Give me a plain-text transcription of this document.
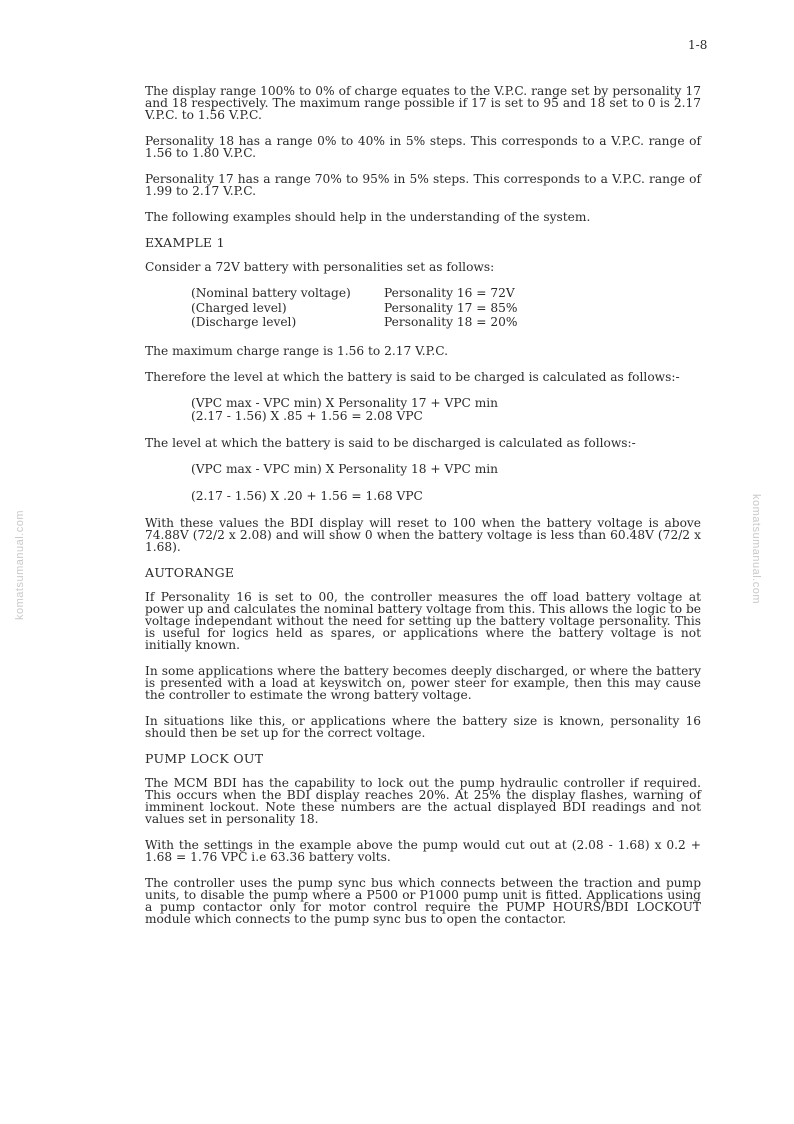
1-8
komatsumanual.com	komatsumanual.com

The display range 100% to 0% of charge equates to the V.P.C. range set by personality 17 and 18 respectively. The maximum range possible if 17 is set to 95 and 18 set to 0 is 2.17 V.P.C. to 1.56 V.P.C.

Personality 18 has a range 0% to 40% in 5% steps. This corresponds to a V.P.C. range of 1.56 to 1.80 V.P.C.

Personality 17 has a range 70% to 95% in 5% steps. This corresponds to a V.P.C. range of 1.99 to 2.17 V.P.C.

The following examples should help in the understanding of the system.

EXAMPLE 1

Consider a 72V battery with personalities set as follows:

(Nominal battery voltage)	Personality 16 = 72V
(Charged level)	Personality 17 = 85%
(Discharge level)	Personality 18 = 20%

The maximum charge range is 1.56 to 2.17 V.P.C.

Therefore the level at which the battery is said to be charged is calculated as follows:-

(VPC max - VPC min) X Personality 17 + VPC min
(2.17 - 1.56) X .85 + 1.56 = 2.08 VPC

The level at which the battery is said to be discharged is calculated as follows:-

(VPC max - VPC min) X Personality 18 + VPC min
(2.17 - 1.56) X .20 + 1.56 = 1.68 VPC

With these values the BDI display will reset to 100 when the battery voltage is above 74.88V (72/2 x 2.08) and will show 0 when the battery voltage is less than 60.48V (72/2 x 1.68).

AUTORANGE

If Personality 16 is set to 00, the controller measures the off load battery voltage at power up and calculates the nominal battery voltage from this. This allows the logic to be voltage independant without the need for setting up the battery voltage personality. This is useful for logics held as spares, or applications where the battery voltage is not initially known.

In some applications where the battery becomes deeply discharged, or where the battery is presented with a load at keyswitch on, power steer for example, then this may cause the controller to estimate the wrong battery voltage.

In situations like this, or applications where the battery size is known, personality 16 should then be set up for the correct voltage.

PUMP LOCK OUT

The MCM BDI has the capability to lock out the pump hydraulic controller if required. This occurs when the BDI display reaches 20%. At 25% the display flashes, warning of imminent lockout. Note these numbers are the actual displayed BDI readings and not values set in personality 18.

With the settings in the example above the pump would cut out at (2.08 - 1.68) x 0.2 + 1.68 = 1.76 VPC i.e 63.36 battery volts.

The controller uses the pump sync bus which connects between the traction and pump units, to disable the pump where a P500 or P1000 pump unit is fitted. Applications using a pump contactor only for motor control require the PUMP HOURS/BDI LOCKOUT module which connects to the pump sync bus to open the contactor.
